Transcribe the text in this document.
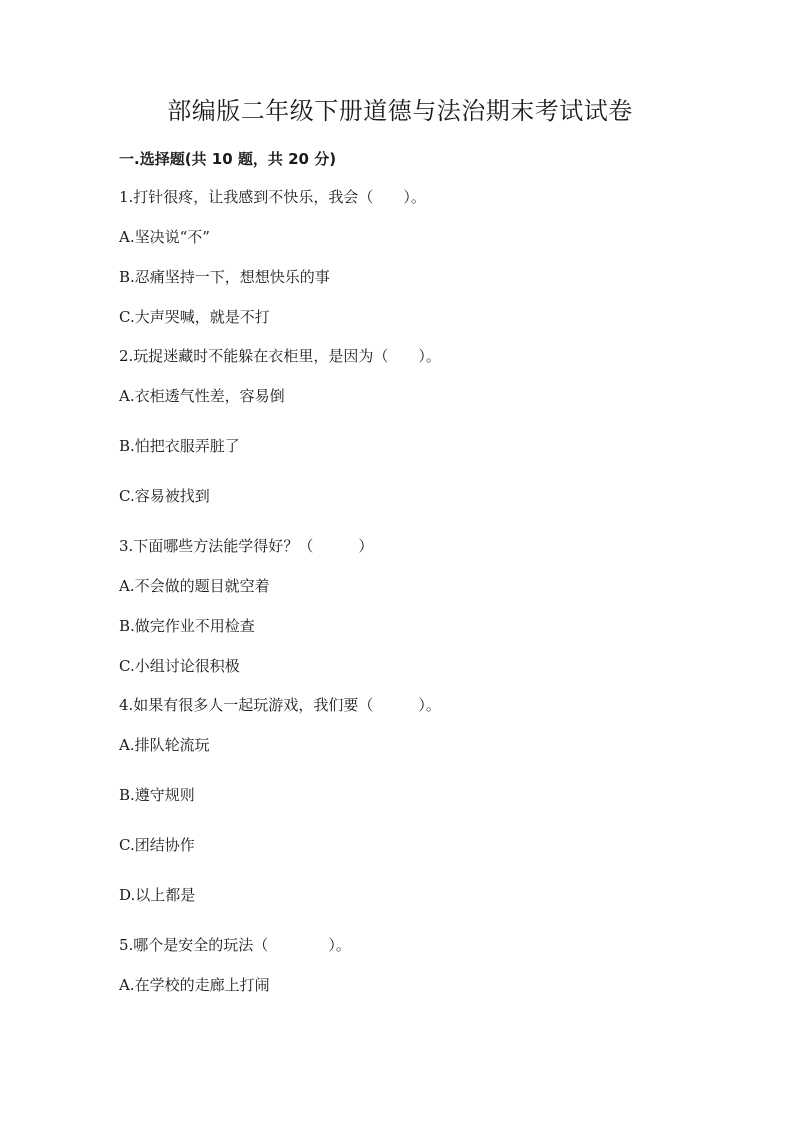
部编版二年级下册道德与法治期末考试试卷
一.选择题(共 10 题，共 20 分)
1.打针很疼，让我感到不快乐，我会（　　）。
A.坚决说“不”
B.忍痛坚持一下，想想快乐的事
C.大声哭喊，就是不打
2.玩捉迷藏时不能躲在衣柜里，是因为（　　）。
A.衣柜透气性差，容易倒
B.怕把衣服弄脏了
C.容易被找到
3.下面哪些方法能学得好？（　　　）
A.不会做的题目就空着
B.做完作业不用检查
C.小组讨论很积极
4.如果有很多人一起玩游戏，我们要（　　　）。
A.排队轮流玩
B.遵守规则
C.团结协作
D.以上都是
5.哪个是安全的玩法（　　　　）。
A.在学校的走廊上打闹
